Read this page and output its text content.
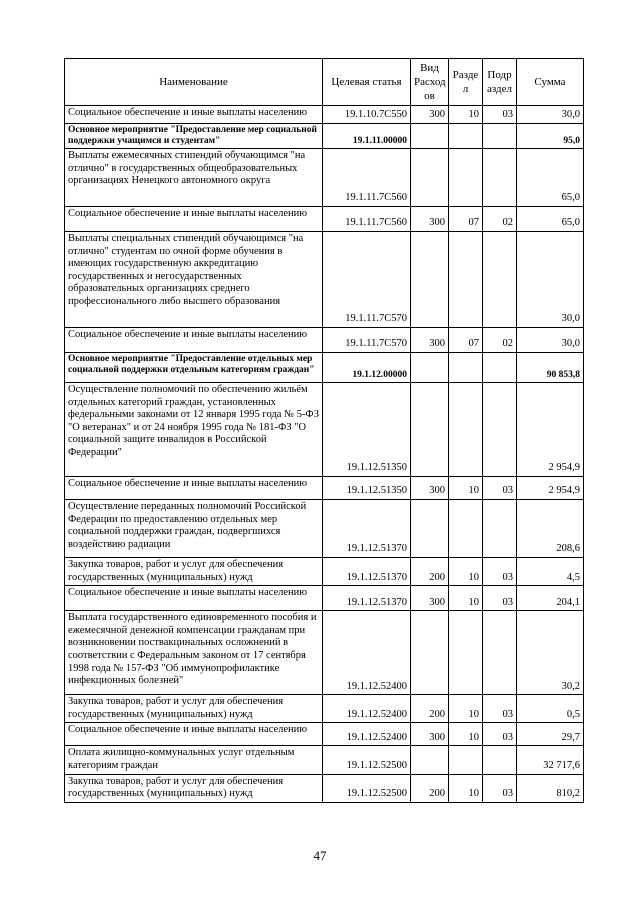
Наименование	Целевая статья	Вид Расход ов	Разде л	Подр аздел	Сумма
Социальное обеспечение и иные выплаты населению	19.1.10.7С550	300	10	03	30,0
Основное мероприятие "Предоставление мер социальной поддержки учащимся и студентам"	19.1.11.00000				95,0
Выплаты ежемесячных стипендий обучающимся "на отлично" в государственных общеобразовательных организациях Ненецкого автономного округа	19.1.11.7С560				65,0
Социальное обеспечение и иные выплаты населению	19.1.11.7С560	300	07	02	65,0
Выплаты специальных стипендий обучающимся "на отлично" студентам по очной форме обучения в имеющих государственную аккредитацию государственных и негосударственных образовательных организациях среднего профессионального либо высшего образования	19.1.11.7С570				30,0
Социальное обеспечение и иные выплаты населению	19.1.11.7С570	300	07	02	30,0
Основное мероприятие "Предоставление отдельных мер социальной поддержки отдельным категориям граждан"	19.1.12.00000				90 853,8
Осуществление полномочий по обеспечению жильём отдельных категорий граждан, установленных федеральными законами от 12 января 1995 года № 5-ФЗ "О ветеранах" и от 24 ноября 1995 года № 181-ФЗ "О социальной защите инвалидов в Российской Федерации"	19.1.12.51350				2 954,9
Социальное обеспечение и иные выплаты населению	19.1.12.51350	300	10	03	2 954,9
Осуществление переданных полномочий Российской Федерации по предоставлению отдельных мер социальной поддержки граждан, подвергшихся воздействию радиации	19.1.12.51370				208,6
Закупка товаров, работ и услуг для обеспечения государственных (муниципальных) нужд	19.1.12.51370	200	10	03	4,5
Социальное обеспечение и иные выплаты населению	19.1.12.51370	300	10	03	204,1
Выплата государственного единовременного пособия и ежемесячной денежной компенсации гражданам при возникновении поствакцинальных осложнений в соответствии с Федеральным законом от 17 сентября 1998 года № 157-ФЗ "Об иммунопрофилактике инфекционных болезней"	19.1.12.52400				30,2
Закупка товаров, работ и услуг для обеспечения государственных (муниципальных) нужд	19.1.12.52400	200	10	03	0,5
Социальное обеспечение и иные выплаты населению	19.1.12.52400	300	10	03	29,7
Оплата жилищно-коммунальных услуг отдельным категориям граждан	19.1.12.52500				32 717,6
Закупка товаров, работ и услуг для обеспечения государственных (муниципальных) нужд	19.1.12.52500	200	10	03	810,2
47
